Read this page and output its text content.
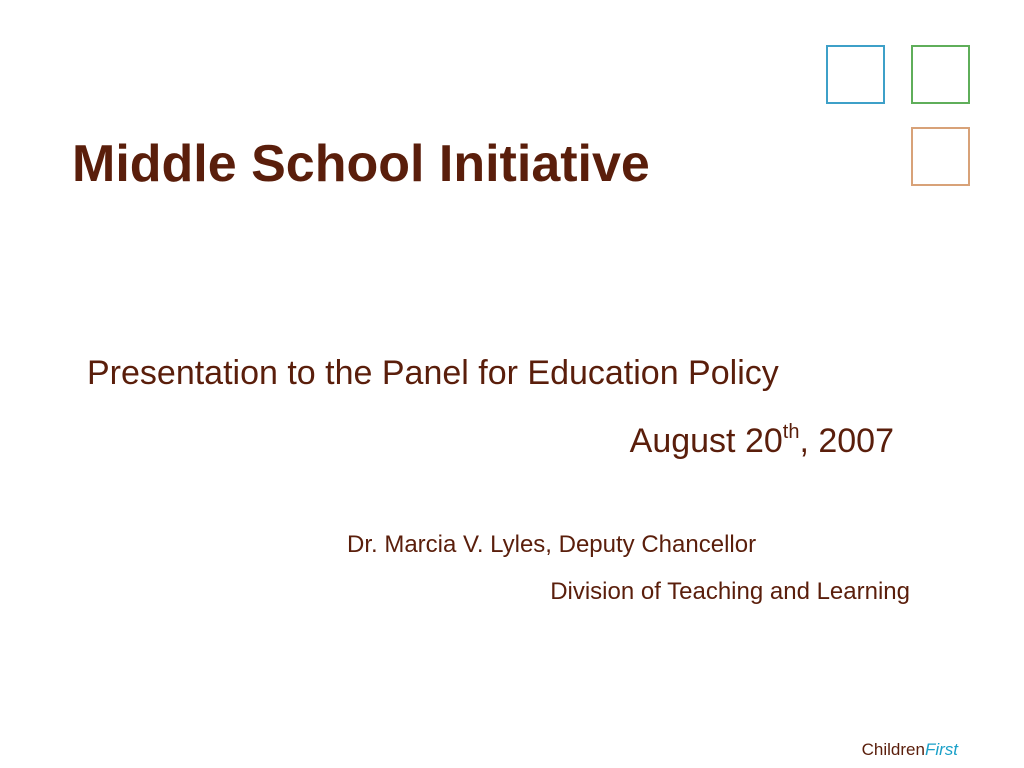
Middle School Initiative

Presentation to the Panel for Education Policy

August 20th, 2007

Dr. Marcia V. Lyles, Deputy Chancellor

Division of Teaching and Learning

ChildrenFirst
